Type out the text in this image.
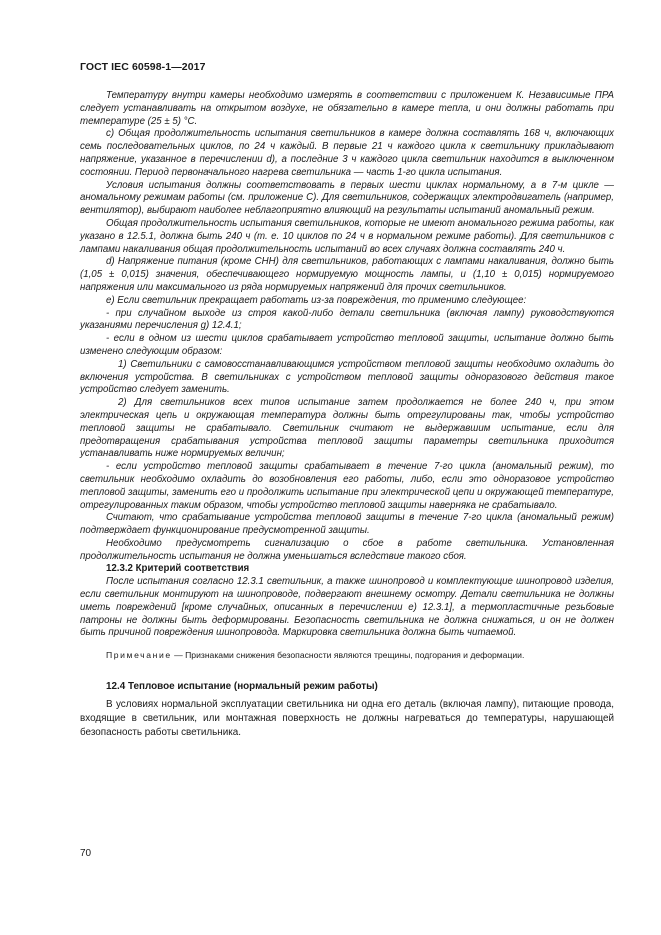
ГОСТ IEC 60598-1—2017

Температуру внутри камеры необходимо измерять в соответствии с приложением К. Независимые ПРА следует устанавливать на открытом воздухе, не обязательно в камере тепла, и они должны работать при температуре (25 ± 5) °С.

c) Общая продолжительность испытания светильников в камере должна составлять 168 ч, включающих семь последовательных циклов, по 24 ч каждый. В первые 21 ч каждого цикла к светильнику прикладывают напряжение, указанное в перечислении d), а последние 3 ч каждого цикла светильник находится в выключенном состоянии. Период первоначального нагрева светильника — часть 1-го цикла испытания.

Условия испытания должны соответствовать в первых шести циклах нормальному, а в 7-м цикле — аномальному режимам работы (см. приложение С). Для светильников, содержащих электродвигатель (например, вентилятор), выбирают наиболее неблагоприятно влияющий на результаты испытаний аномальный режим.

Общая продолжительность испытания светильников, которые не имеют аномального режима работы, как указано в 12.5.1, должна быть 240 ч (т. е. 10 циклов по 24 ч в нормальном режиме работы). Для светильников с лампами накаливания общая продолжительность испытаний во всех случаях должна составлять 240 ч.

d) Напряжение питания (кроме СНН) для светильников, работающих с лампами накаливания, должно быть (1,05 ± 0,015) значения, обеспечивающего нормируемую мощность лампы, и (1,10 ± 0,015) нормируемого напряжения или максимального из ряда нормируемых напряжений для прочих светильников.

e) Если светильник прекращает работать из-за повреждения, то применимо следующее:

- при случайном выходе из строя какой-либо детали светильника (включая лампу) руководствуются указаниями перечисления g) 12.4.1;

- если в одном из шести циклов срабатывает устройство тепловой защиты, испытание должно быть изменено следующим образом:

1) Светильники с самовосстанавливающимся устройством тепловой защиты необходимо охладить до включения устройства. В светильниках с устройством тепловой защиты одноразового действия такое устройство следует заменить.

2) Для светильников всех типов испытание затем продолжается не более 240 ч, при этом электрическая цепь и окружающая температура должны быть отрегулированы так, чтобы устройство тепловой защиты не срабатывало. Светильник считают не выдержавшим испытание, если для предотвращения срабатывания устройства тепловой защиты параметры светильника приходится устанавливать ниже нормируемых величин;

- если устройство тепловой защиты срабатывает в течение 7-го цикла (аномальный режим), то светильник необходимо охладить до возобновления его работы, либо, если это одноразовое устройство тепловой защиты, заменить его и продолжить испытание при электрической цепи и окружающей температуре, отрегулированных таким образом, чтобы устройство тепловой защиты наверняка не срабатывало.

Считают, что срабатывание устройства тепловой защиты в течение 7-го цикла (аномальный режим) подтверждает функционирование предусмотренной защиты.

Необходимо предусмотреть сигнализацию о сбое в работе светильника. Установленная продолжительность испытания не должна уменьшаться вследствие такого сбоя.

12.3.2 Критерий соответствия

После испытания согласно 12.3.1 светильник, а также шинопровод и комплектующие шинопровод изделия, если светильник монтируют на шинопроводе, подвергают внешнему осмотру. Детали светильника не должны иметь повреждений [кроме случайных, описанных в перечислении e) 12.3.1], а термопластичные резьбовые патроны не должны быть деформированы. Безопасность светильника не должна снижаться, и он не должен быть причиной повреждения шинопровода. Маркировка светильника должна быть читаемой.

Примечание — Признаками снижения безопасности являются трещины, подгорания и деформации.

12.4 Тепловое испытание (нормальный режим работы)

В условиях нормальной эксплуатации светильника ни одна его деталь (включая лампу), питающие провода, входящие в светильник, или монтажная поверхность не должны нагреваться до температуры, нарушающей безопасность работы светильника.

70
